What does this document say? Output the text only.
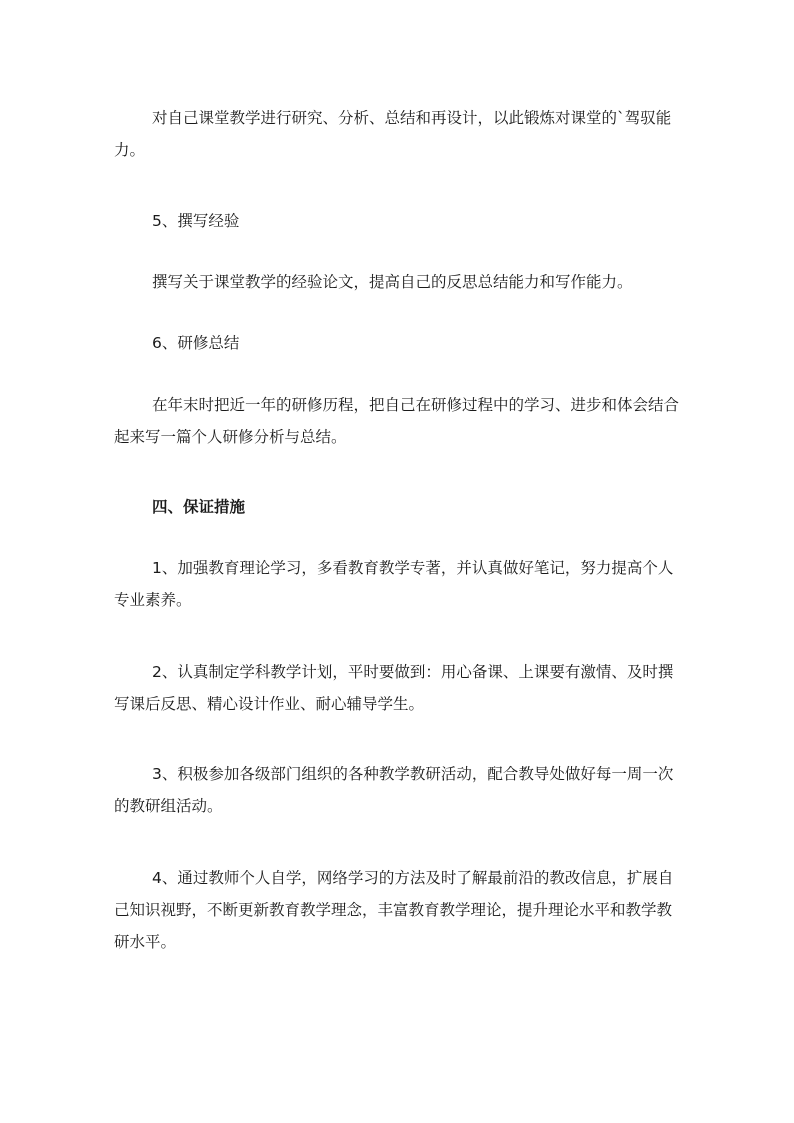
对自己课堂教学进行研究、分析、总结和再设计，以此锻炼对课堂的`驾驭能力。

5、撰写经验

撰写关于课堂教学的经验论文，提高自己的反思总结能力和写作能力。

6、研修总结

在年末时把近一年的研修历程，把自己在研修过程中的学习、进步和体会结合起来写一篇个人研修分析与总结。

四、保证措施

1、加强教育理论学习，多看教育教学专著，并认真做好笔记，努力提高个人专业素养。

2、认真制定学科教学计划，平时要做到：用心备课、上课要有激情、及时撰写课后反思、精心设计作业、耐心辅导学生。

3、积极参加各级部门组织的各种教学教研活动，配合教导处做好每一周一次的教研组活动。

4、通过教师个人自学，网络学习的方法及时了解最前沿的教改信息，扩展自己知识视野，不断更新教育教学理念，丰富教育教学理论，提升理论水平和教学教研水平。
